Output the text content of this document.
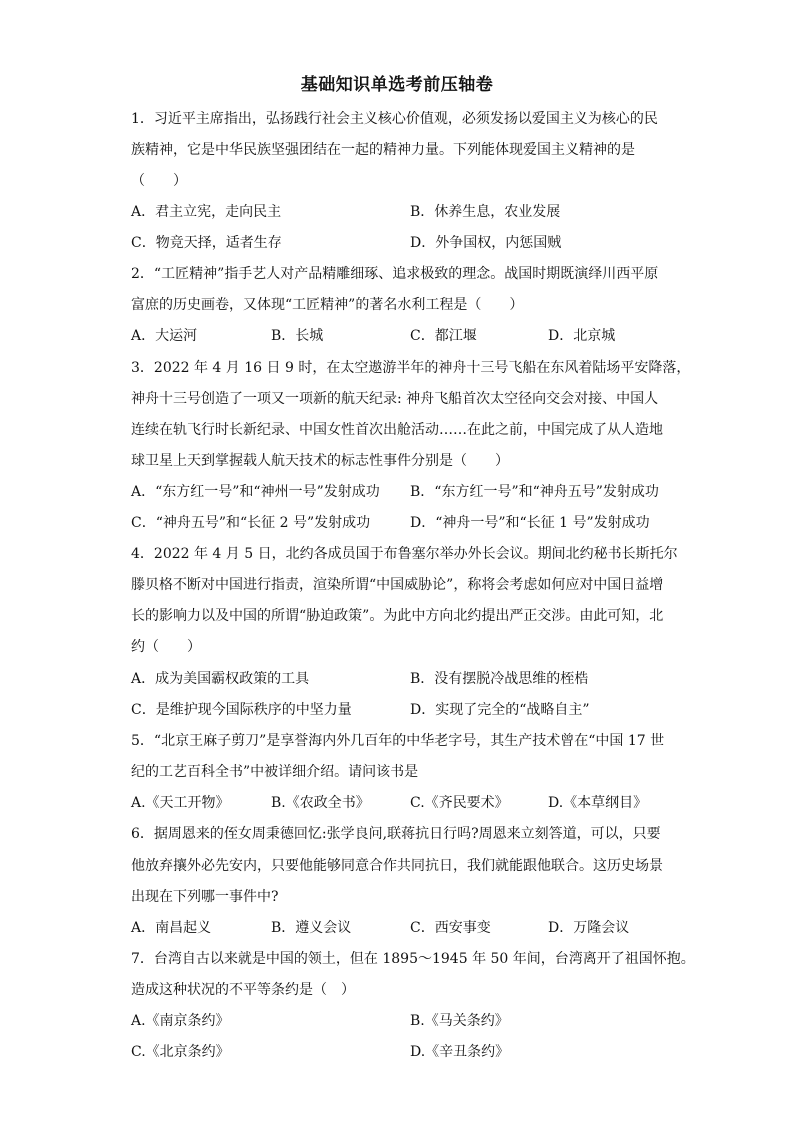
基础知识单选考前压轴卷
1．习近平主席指出，弘扬践行社会主义核心价值观，必须发扬以爱国主义为核心的民
族精神，它是中华民族坚强团结在一起的精神力量。下列能体现爱国主义精神的是
（　　）
A．君主立宪，走向民主	B．休养生息，农业发展
C．物竞天择，适者生存	D．外争国权，内惩国贼
2．“工匠精神”指手艺人对产品精雕细琢、追求极致的理念。战国时期既演绎川西平原
富庶的历史画卷，又体现“工匠精神”的著名水利工程是（　　）
A．大运河	B．长城	C．都江堰	D．北京城
3．2022 年 4 月 16 日 9 时，在太空遨游半年的神舟十三号飞船在东风着陆场平安降落，
神舟十三号创造了一项又一项新的航天纪录: 神舟飞船首次太空径向交会对接、中国人
连续在轨飞行时长新纪录、中国女性首次出舱活动……在此之前，中国完成了从人造地
球卫星上天到掌握载人航天技术的标志性事件分别是（　　）
A．“东方红一号”和“神州一号”发射成功 B．“东方红一号”和“神舟五号”发射成功
C．“神舟五号”和“长征 2 号”发射成功	D．“神舟一号”和“长征 1 号”发射成功
4．2022 年 4 月 5 日，北约各成员国于布鲁塞尔举办外长会议。期间北约秘书长斯托尔
滕贝格不断对中国进行指责，渲染所谓“中国威胁论”，称将会考虑如何应对中国日益增
长的影响力以及中国的所谓“胁迫政策”。为此中方向北约提出严正交涉。由此可知，北
约（　　）
A．成为美国霸权政策的工具	B．没有摆脱冷战思维的桎梏
C．是维护现今国际秩序的中坚力量	D．实现了完全的“战略自主”
5．“北京王麻子剪刀”是享誉海内外几百年的中华老字号，其生产技术曾在“中国 17 世
纪的工艺百科全书”中被详细介绍。请问该书是
A.《天工开物》	B.《农政全书》	C.《齐民要术》	D.《本草纲目》
6．据周恩来的侄女周秉德回忆:张学良问,联蒋抗日行吗?周恩来立刻答道，可以，只要
他放弃攘外必先安内，只要他能够同意合作共同抗日，我们就能跟他联合。这历史场景
出现在下列哪一事件中?
A．南昌起义	B．遵义会议	C．西安事变	D．万隆会议
7．台湾自古以来就是中国的领土，但在 1895～1945 年 50 年间，台湾离开了祖国怀抱。
造成这种状况的不平等条约是（　）
A.《南京条约》	B.《马关条约》
C.《北京条约》	D.《辛丑条约》
